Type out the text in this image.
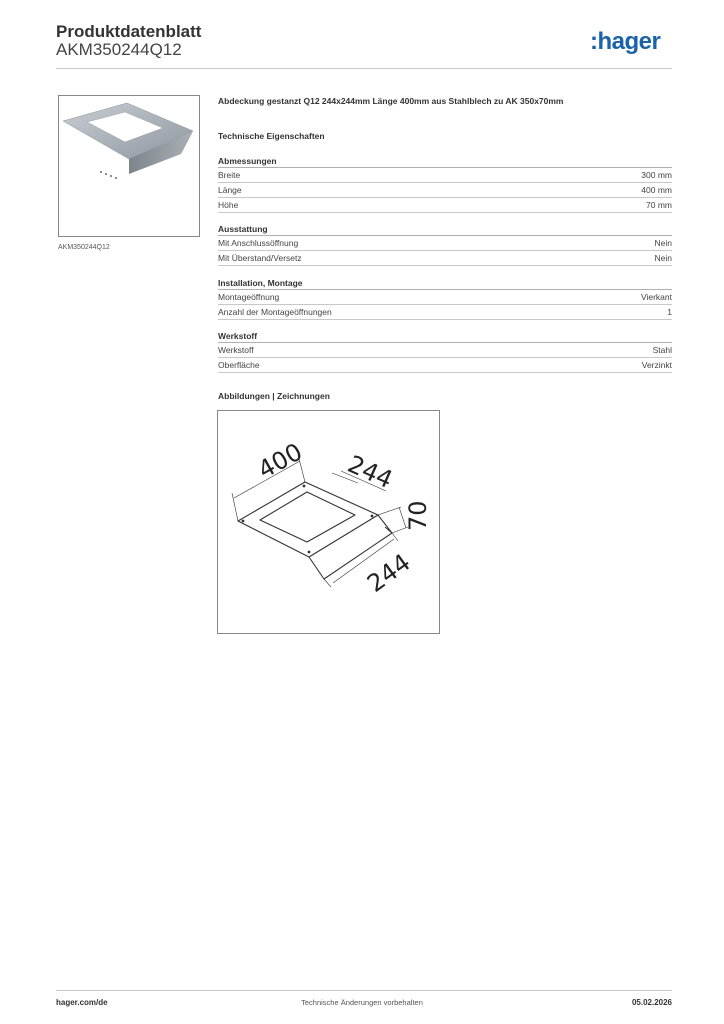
Produktdatenblatt
AKM350244Q12	:hager
AKM350244Q12
Abdeckung gestanzt Q12 244x244mm Länge 400mm aus Stahlblech zu AK 350x70mm
Technische Eigenschaften
Abmessungen
Breite	300 mm
Länge	400 mm
Höhe	70 mm
Ausstattung
Mit Anschlussöffnung	Nein
Mit Überstand/Versetz	Nein
Installation, Montage
Montageöffnung	Vierkant
Anzahl der Montageöffnungen	1
Werkstoff
Werkstoff	Stahl
Oberfläche	Verzinkt
Abbildungen | Zeichnungen
400 244
70
244
hager.com/de	Technische Änderungen vorbehalten	05.02.2026
